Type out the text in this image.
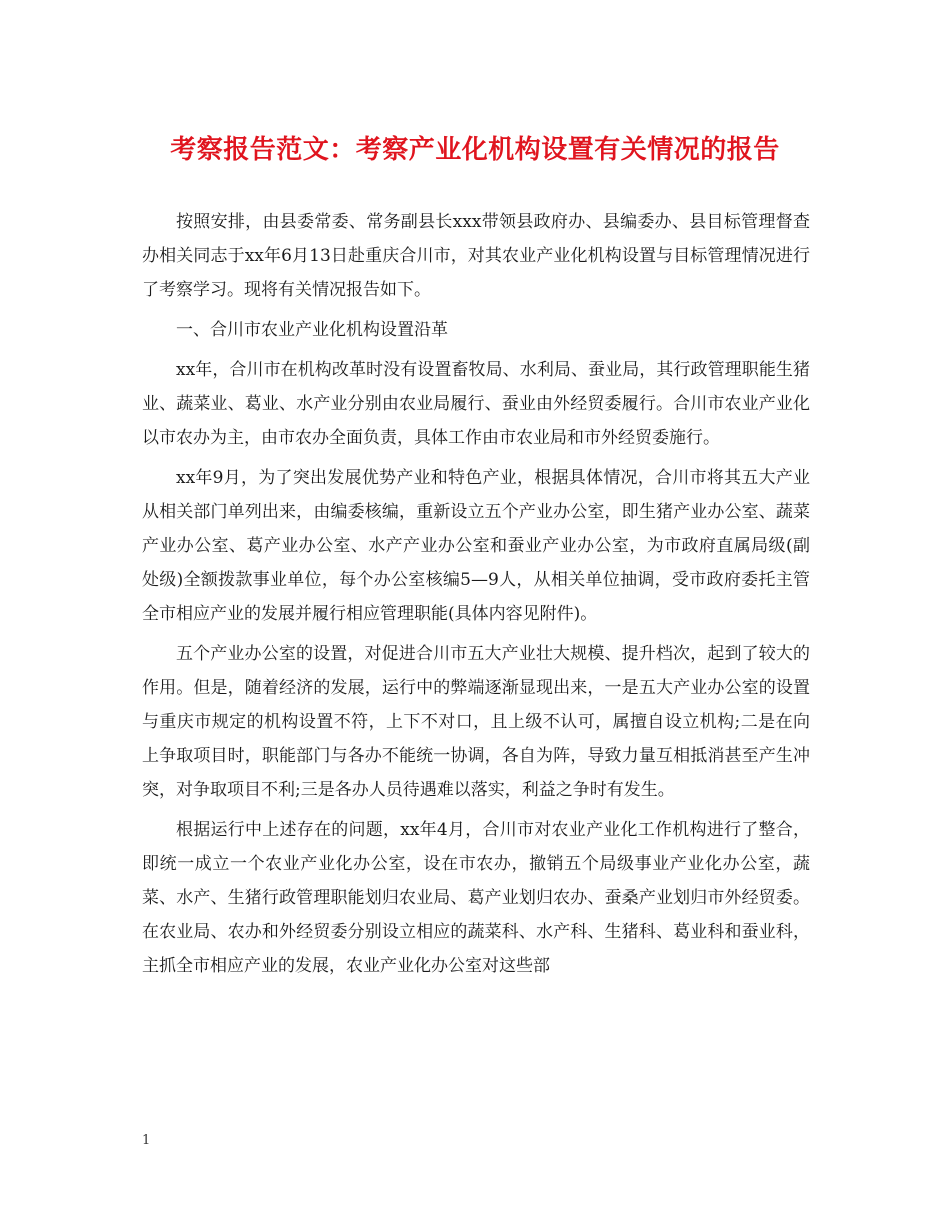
考察报告范文：考察产业化机构设置有关情况的报告

按照安排，由县委常委、常务副县长xxx带领县政府办、县编委办、县目标管理督查办相关同志于xx年6月13日赴重庆合川市，对其农业产业化机构设置与目标管理情况进行了考察学习。现将有关情况报告如下。

一、合川市农业产业化机构设置沿革

xx年，合川市在机构改革时没有设置畜牧局、水利局、蚕业局，其行政管理职能生猪业、蔬菜业、葛业、水产业分别由农业局履行、蚕业由外经贸委履行。合川市农业产业化以市农办为主，由市农办全面负责，具体工作由市农业局和市外经贸委施行。

xx年9月，为了突出发展优势产业和特色产业，根据具体情况，合川市将其五大产业从相关部门单列出来，由编委核编，重新设立五个产业办公室，即生猪产业办公室、蔬菜产业办公室、葛产业办公室、水产产业办公室和蚕业产业办公室，为市政府直属局级(副处级)全额拨款事业单位，每个办公室核编5—9人，从相关单位抽调，受市政府委托主管全市相应产业的发展并履行相应管理职能(具体内容见附件)。

五个产业办公室的设置，对促进合川市五大产业壮大规模、提升档次，起到了较大的作用。但是，随着经济的发展，运行中的弊端逐渐显现出来，一是五大产业办公室的设置与重庆市规定的机构设置不符，上下不对口，且上级不认可，属擅自设立机构;二是在向上争取项目时，职能部门与各办不能统一协调，各自为阵，导致力量互相抵消甚至产生冲突，对争取项目不利;三是各办人员待遇难以落实，利益之争时有发生。

根据运行中上述存在的问题，xx年4月，合川市对农业产业化工作机构进行了整合，即统一成立一个农业产业化办公室，设在市农办，撤销五个局级事业产业化办公室，蔬菜、水产、生猪行政管理职能划归农业局、葛产业划归农办、蚕桑产业划归市外经贸委。在农业局、农办和外经贸委分别设立相应的蔬菜科、水产科、生猪科、葛业科和蚕业科，主抓全市相应产业的发展，农业产业化办公室对这些部

1
